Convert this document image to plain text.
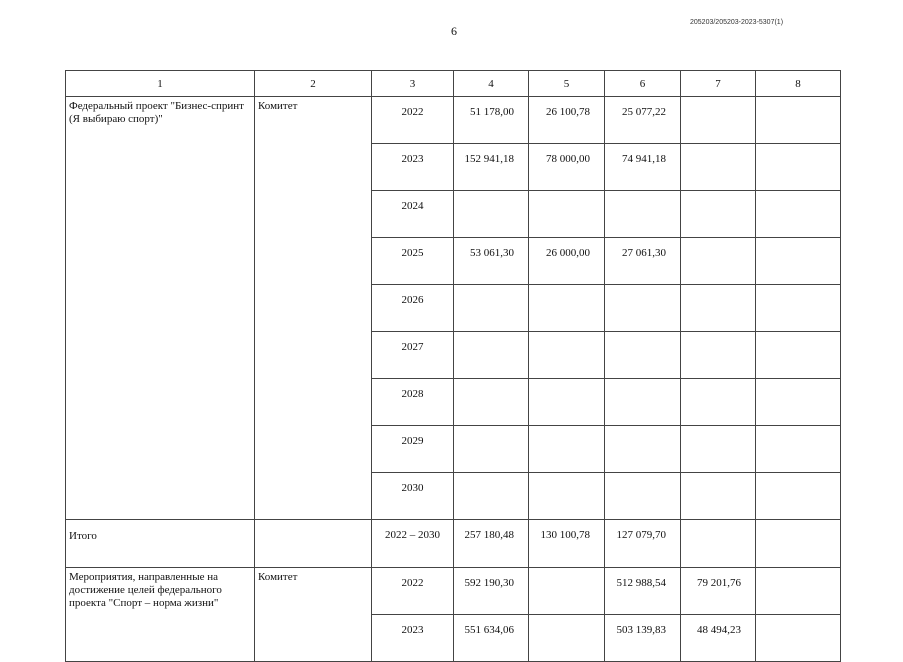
205203/205203-2023-5307(1)
6
1	2	3	4	5	6	7	8
Федеральный проект "Бизнес-спринт (Я выбираю спорт)"	Комитет	2022	51 178,00	26 100,78	25 077,22		
		2023	152 941,18	78 000,00	74 941,18		
		2024					
		2025	53 061,30	26 000,00	27 061,30		
		2026					
		2027					
		2028					
		2029					
		2030					
Итого		2022 – 2030	257 180,48	130 100,78	127 079,70		
Мероприятия, направленные на достижение целей федерального проекта "Спорт – норма жизни"	Комитет	2022	592 190,30		512 988,54	79 201,76	
		2023	551 634,06		503 139,83	48 494,23	
